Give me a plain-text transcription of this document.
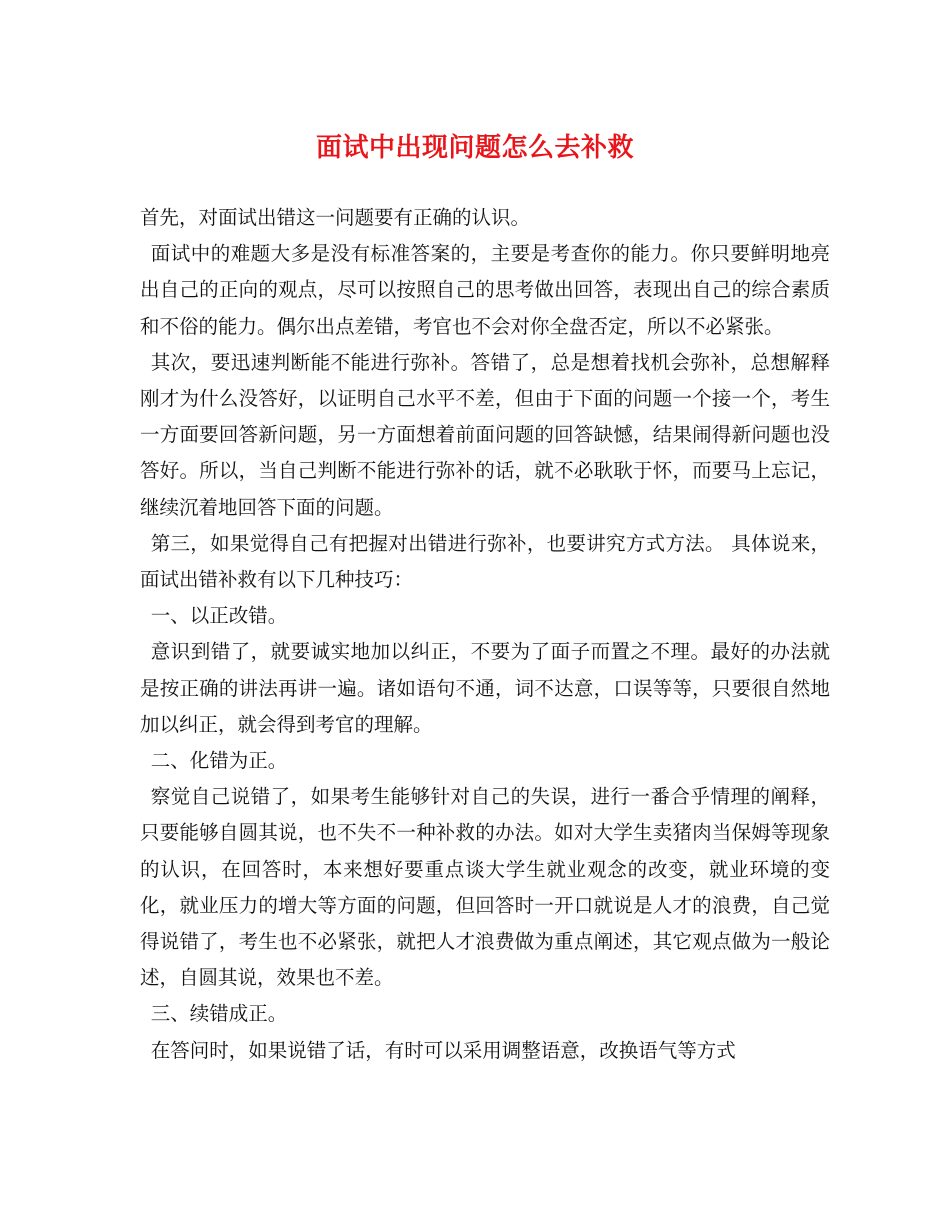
面试中出现问题怎么去补救

首先，对面试出错这一问题要有正确的认识。

面试中的难题大多是没有标准答案的，主要是考查你的能力。你只要鲜明地亮出自己的正向的观点，尽可以按照自己的思考做出回答，表现出自己的综合素质和不俗的能力。偶尔出点差错，考官也不会对你全盘否定，所以不必紧张。

其次，要迅速判断能不能进行弥补。答错了，总是想着找机会弥补，总想解释刚才为什么没答好，以证明自己水平不差，但由于下面的问题一个接一个，考生一方面要回答新问题，另一方面想着前面问题的回答缺憾，结果闹得新问题也没答好。所以，当自己判断不能进行弥补的话，就不必耿耿于怀，而要马上忘记，继续沉着地回答下面的问题。

第三，如果觉得自己有把握对出错进行弥补，也要讲究方式方法。 具体说来，面试出错补救有以下几种技巧：

一、以正改错。

意识到错了，就要诚实地加以纠正，不要为了面子而置之不理。最好的办法就是按正确的讲法再讲一遍。诸如语句不通，词不达意，口误等等，只要很自然地加以纠正，就会得到考官的理解。

二、化错为正。

察觉自己说错了，如果考生能够针对自己的失误，进行一番合乎情理的阐释，只要能够自圆其说，也不失不一种补救的办法。如对大学生卖猪肉当保姆等现象的认识，在回答时，本来想好要重点谈大学生就业观念的改变，就业环境的变化，就业压力的增大等方面的问题，但回答时一开口就说是人才的浪费，自己觉得说错了，考生也不必紧张，就把人才浪费做为重点阐述，其它观点做为一般论述，自圆其说，效果也不差。

三、续错成正。

在答问时，如果说错了话，有时可以采用调整语意，改换语气等方式
